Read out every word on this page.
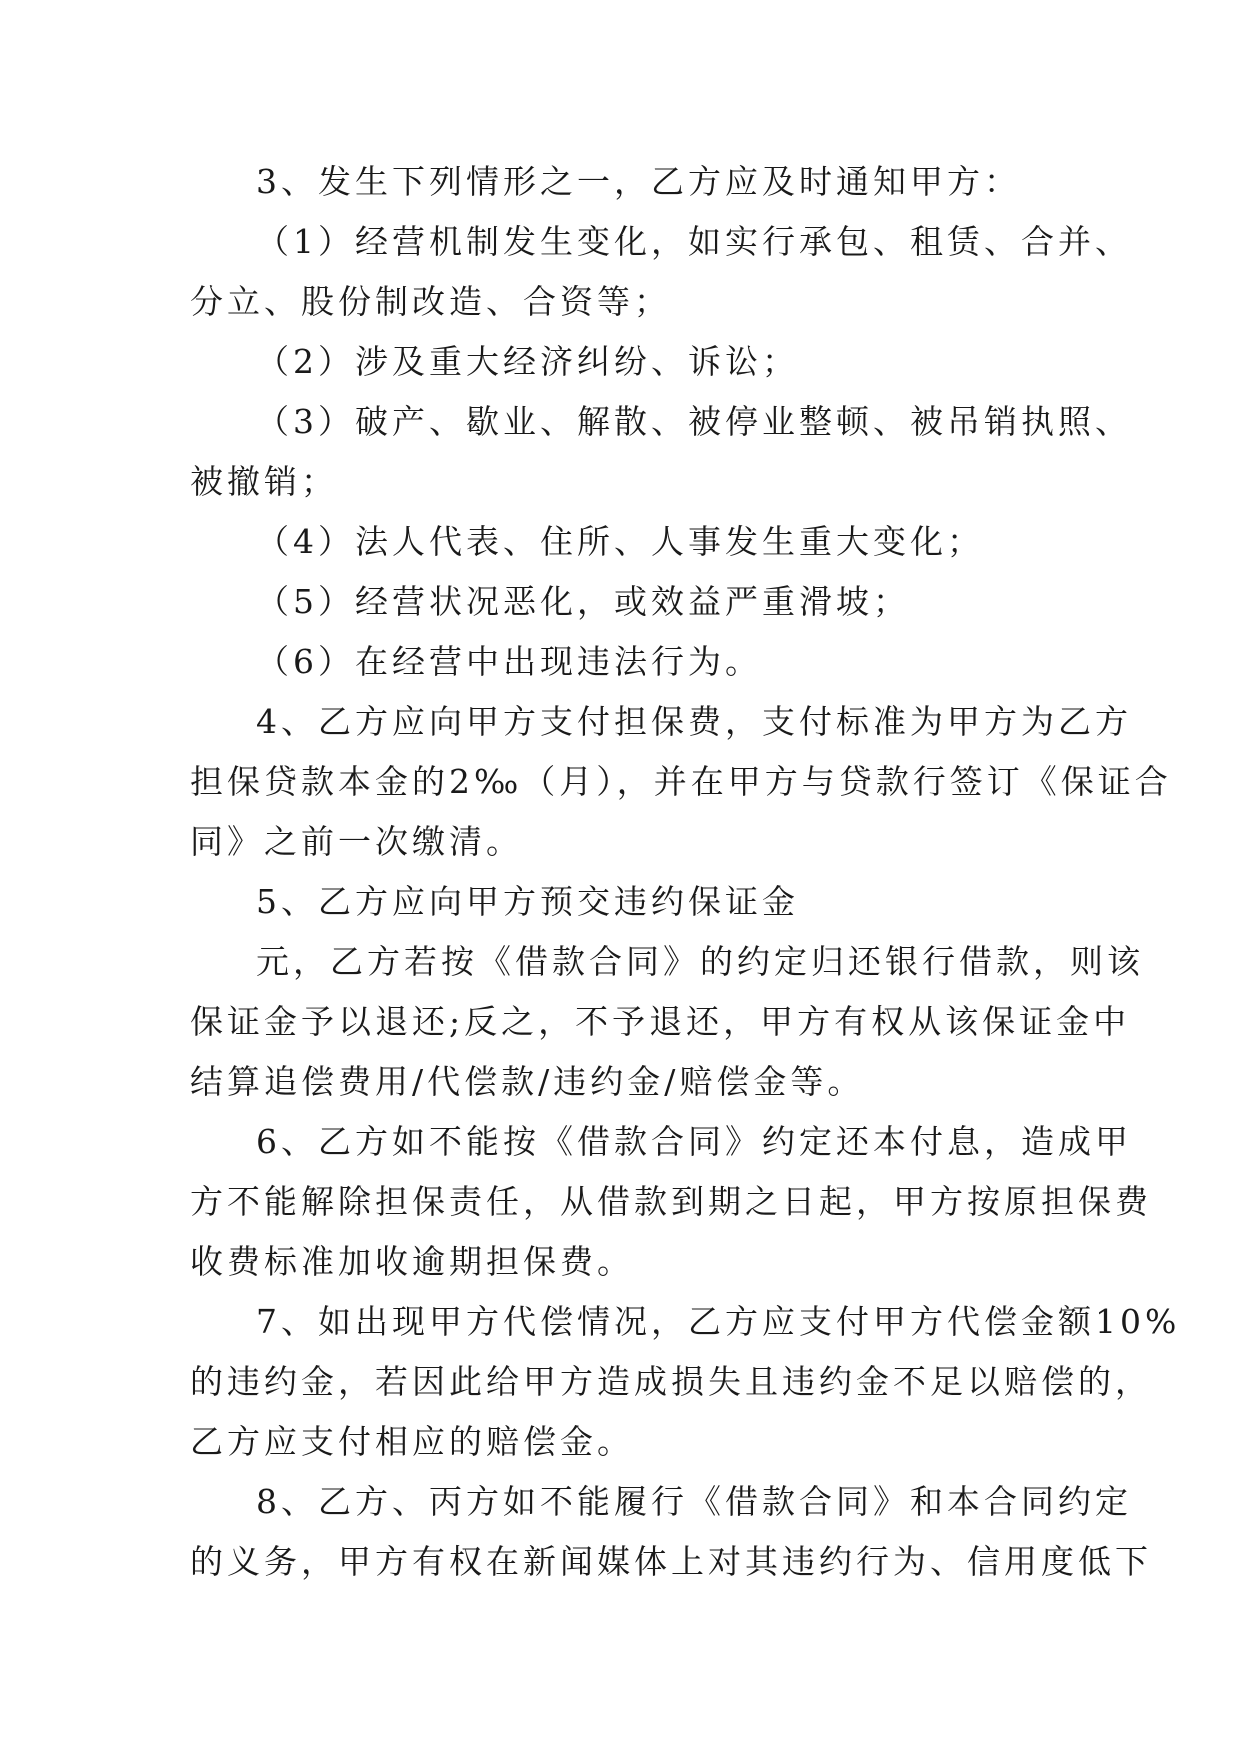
3、发生下列情形之一，乙方应及时通知甲方：

（1）经营机制发生变化，如实行承包、租赁、合并、
分立、股份制改造、合资等；

（2）涉及重大经济纠纷、诉讼；

（3）破产、歇业、解散、被停业整顿、被吊销执照、
被撤销；

（4）法人代表、住所、人事发生重大变化；

（5）经营状况恶化，或效益严重滑坡；

（6）在经营中出现违法行为。

4、乙方应向甲方支付担保费，支付标准为甲方为乙方
担保贷款本金的2‰（月），并在甲方与贷款行签订《保证合
同》之前一次缴清。

5、乙方应向甲方预交违约保证金

元，乙方若按《借款合同》的约定归还银行借款，则该
保证金予以退还;反之，不予退还，甲方有权从该保证金中
结算追偿费用/代偿款/违约金/赔偿金等。

6、乙方如不能按《借款合同》约定还本付息，造成甲
方不能解除担保责任，从借款到期之日起，甲方按原担保费
收费标准加收逾期担保费。

7、如出现甲方代偿情况，乙方应支付甲方代偿金额10%
的违约金，若因此给甲方造成损失且违约金不足以赔偿的，
乙方应支付相应的赔偿金。

8、乙方、丙方如不能履行《借款合同》和本合同约定
的义务，甲方有权在新闻媒体上对其违约行为、信用度低下
